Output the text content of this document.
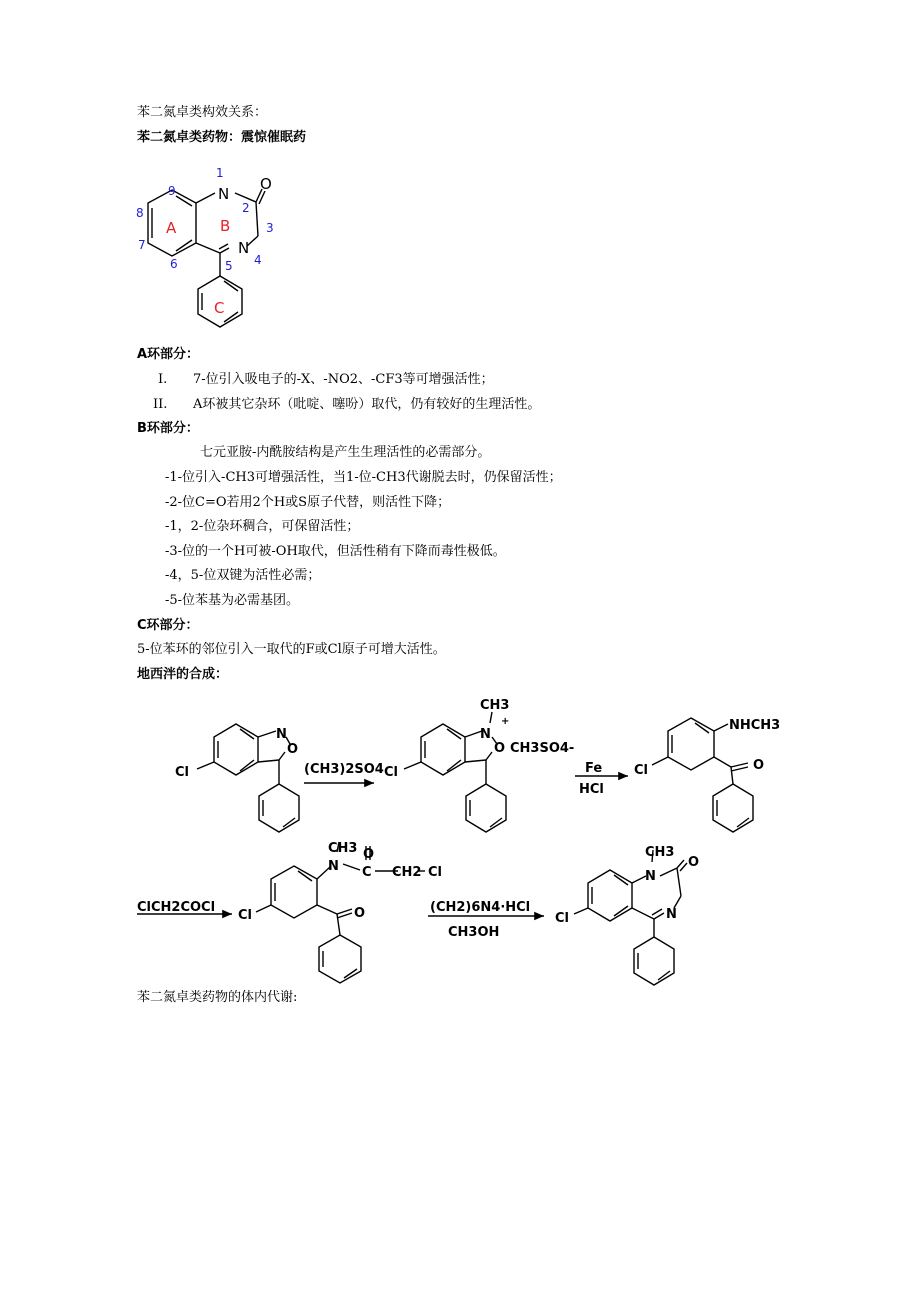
苯二氮卓类构效关系：
苯二氮卓类药物：震惊催眠药
N
O
N
1
2
3
4
5
6
7
8
9
A	B
C
A环部分：
I. 7-位引入吸电子的-X、-NO2、-CF3等可增强活性；
II. A环被其它杂环（吡啶、噻吩）取代，仍有较好的生理活性。
B环部分：
七元亚胺-内酰胺结构是产生生理活性的必需部分。
-1-位引入-CH3可增强活性，当1-位-CH3代谢脱去时，仍保留活性；
-2-位C=O若用2个H或S原子代替，则活性下降；
-1，2-位杂环稠合，可保留活性；
-3-位的一个H可被-OH取代，但活性稍有下降而毒性极低。
-4，5-位双键为活性必需；
-5-位苯基为必需基团。
C环部分：
5-位苯环的邻位引入一取代的F或Cl原子可增大活性。
地西泮的合成：
N
O
Cl	(CH3)2SO4
N
+
CH3
O CH3SO4-
Cl	Fe
HCl
NHCH3
O
Cl
ClCH2COCl
N
CH3 O
C CH2 Cl
O
Cl
(CH2)6N4·HCl
CH3OH
N
CH3
O
N
Cl
苯二氮卓类药物的体内代谢:
